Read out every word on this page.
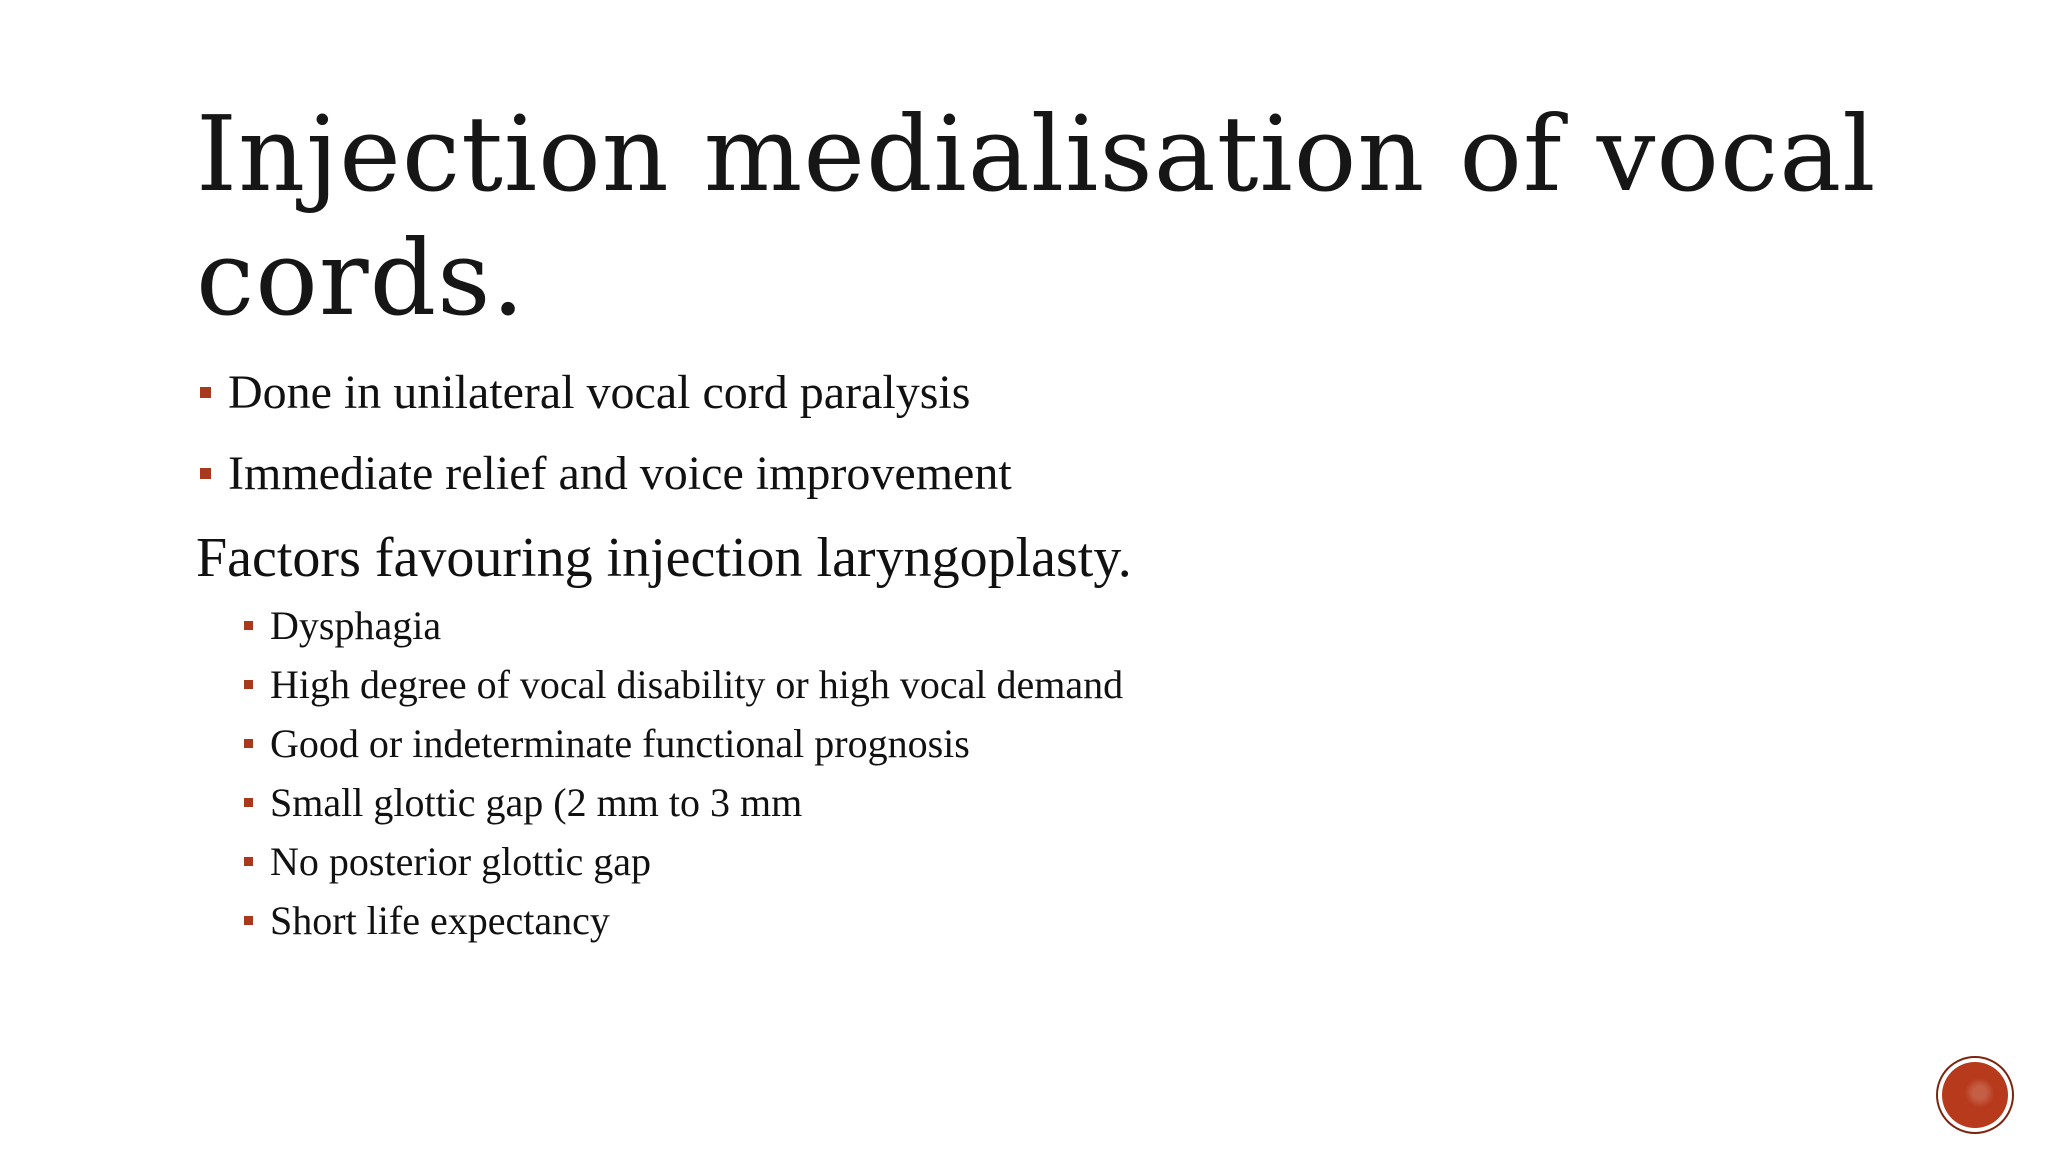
Injection medialisation of vocal cords.
Done in unilateral vocal cord paralysis
Immediate relief and voice improvement
Factors favouring injection laryngoplasty.
Dysphagia
High degree of vocal disability or high vocal demand
Good or indeterminate functional prognosis
Small glottic gap (2 mm to 3 mm
No posterior glottic gap
Short life expectancy
